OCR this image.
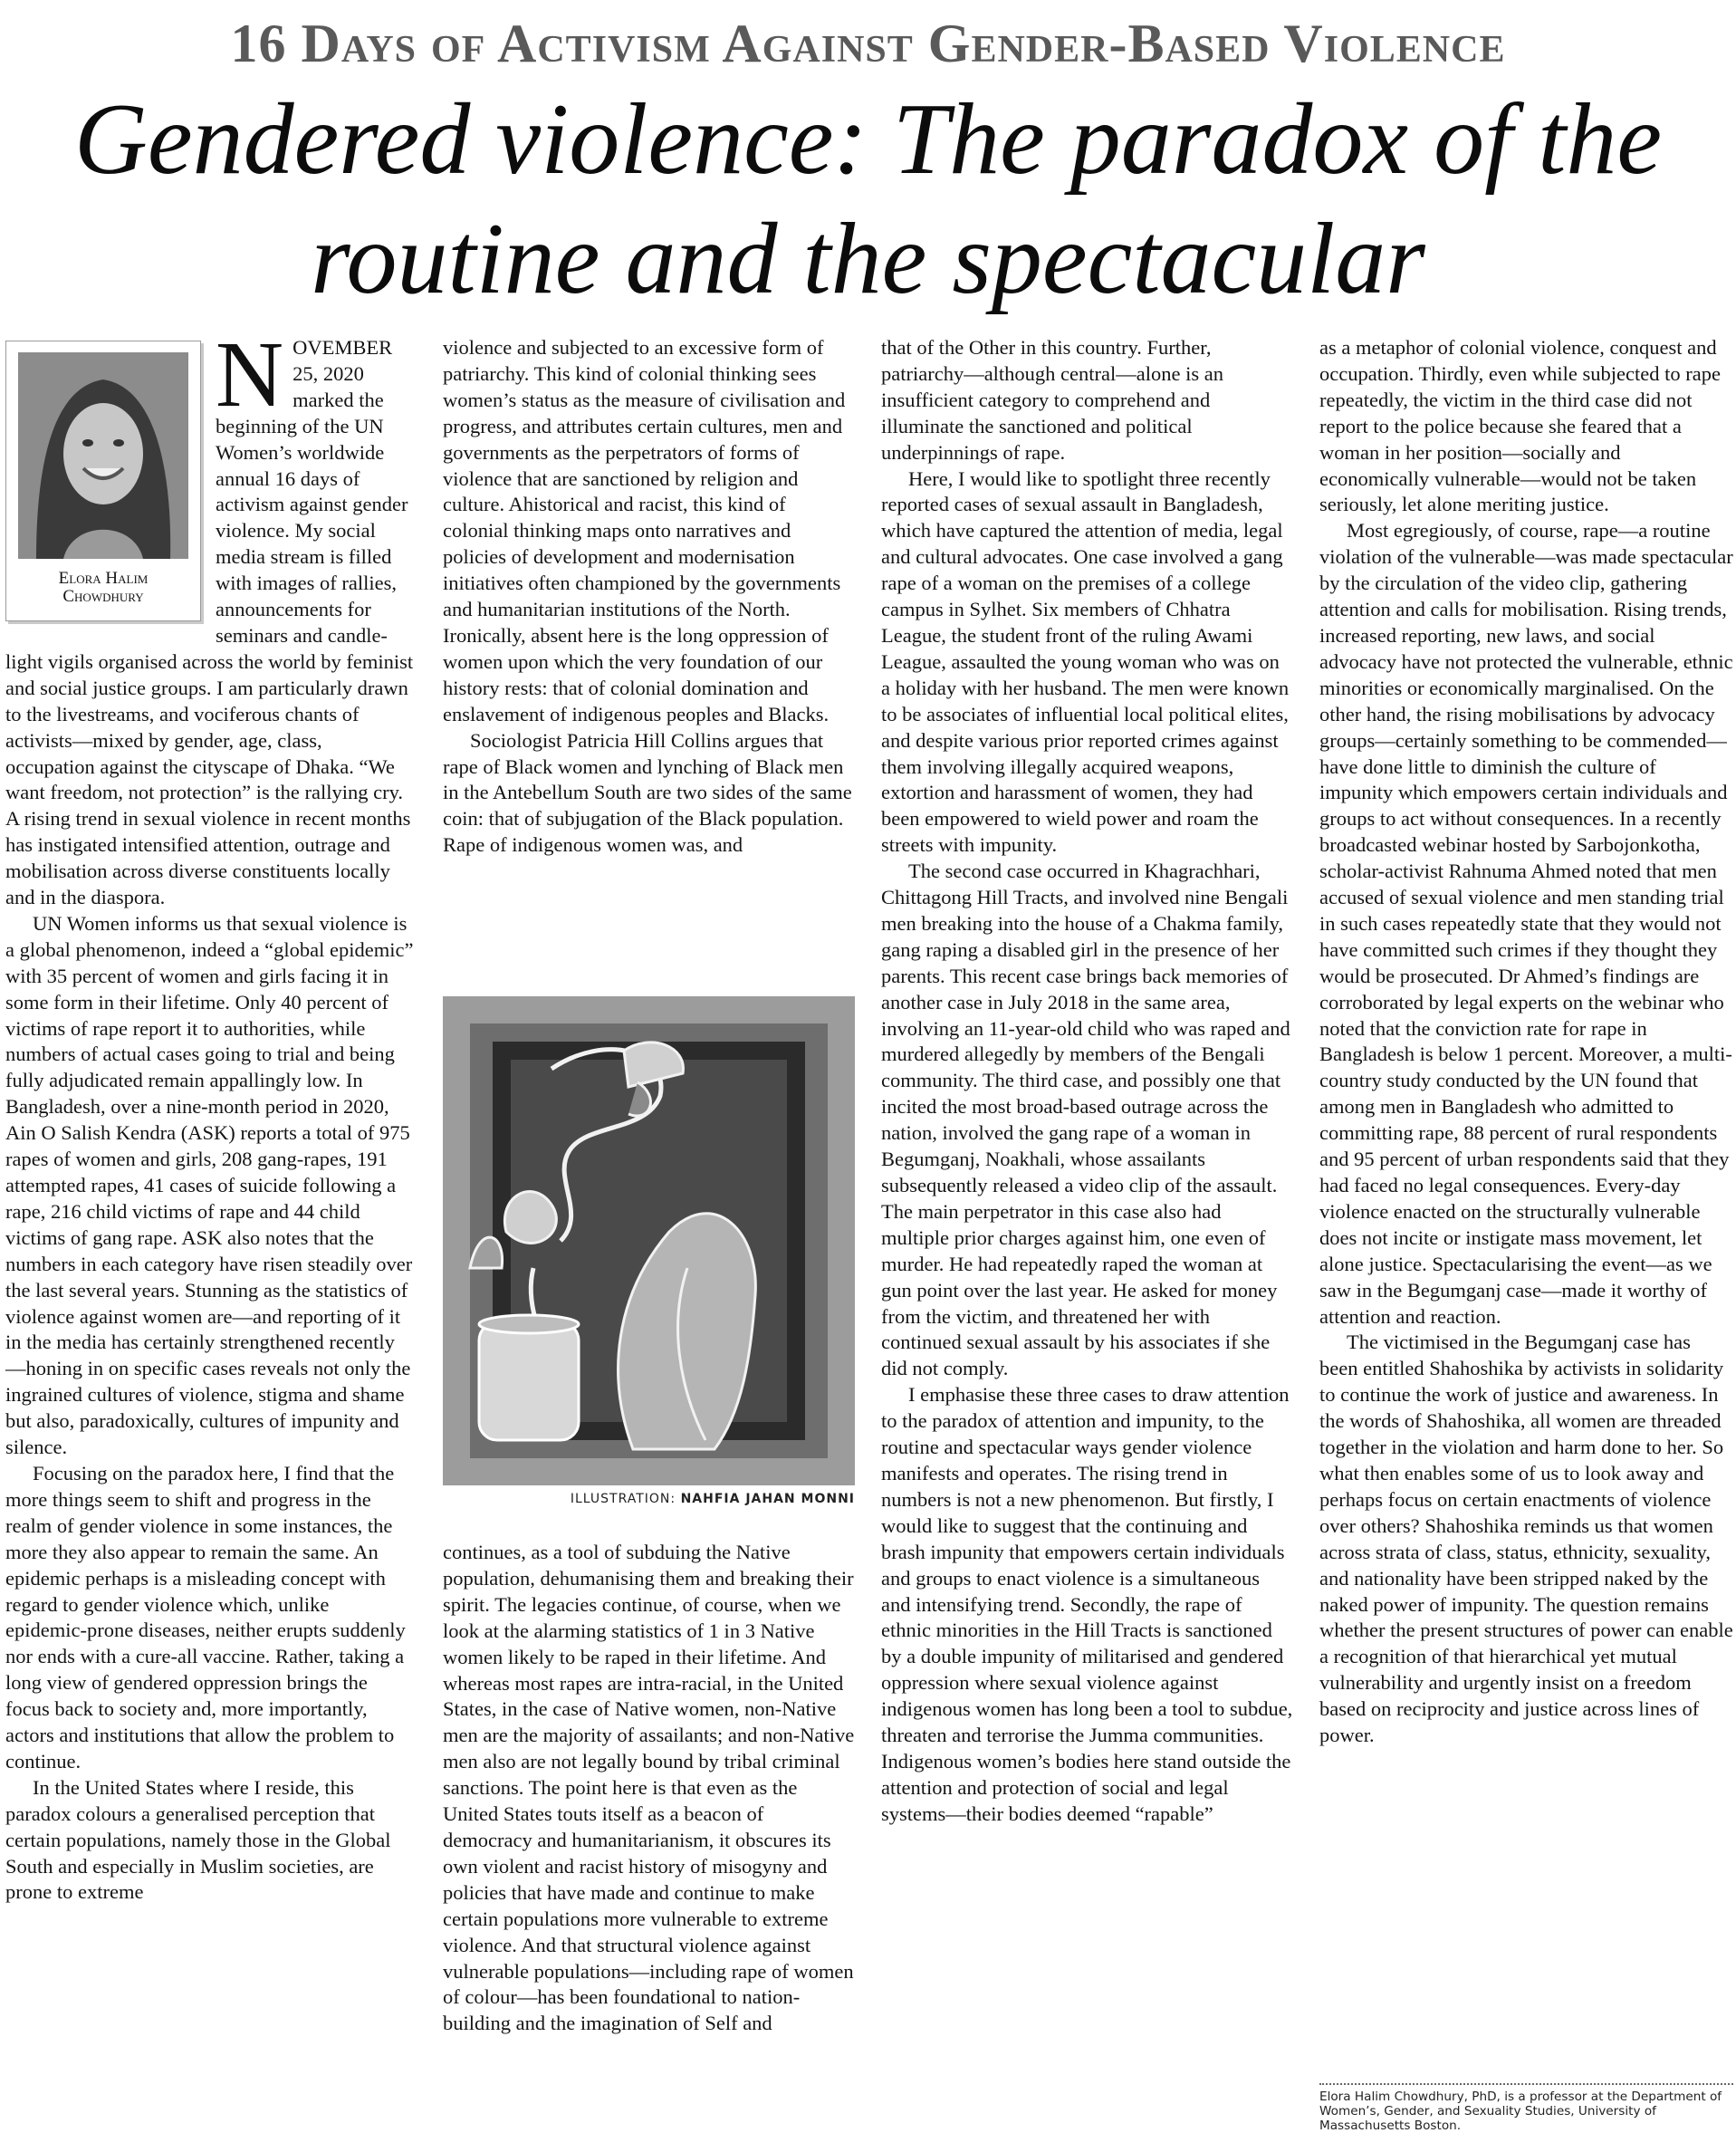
16 Days of Activism Against Gender-Based Violence
Gendered violence: The paradox of the routine and the spectacular
Elora Halim
Chowdhury

NOVEMBER 25, 2020 marked the beginning of the UN Women’s worldwide annual 16 days of activism against gender violence. My social media stream is filled with images of rallies, announcements for seminars and candle-light vigils organised across the world by feminist and social justice groups. I am particularly drawn to the livestreams, and vociferous chants of activists—mixed by gender, age, class, occupation against the cityscape of Dhaka. “We want freedom, not protection” is the rallying cry. A rising trend in sexual violence in recent months has instigated intensified attention, outrage and mobilisation across diverse constituents locally and in the diaspora.

UN Women informs us that sexual violence is a global phenomenon, indeed a “global epidemic” with 35 percent of women and girls facing it in some form in their lifetime. Only 40 percent of victims of rape report it to authorities, while numbers of actual cases going to trial and being fully adjudicated remain appallingly low. In Bangladesh, over a nine-month period in 2020, Ain O Salish Kendra (ASK) reports a total of 975 rapes of women and girls, 208 gang-rapes, 191 attempted rapes, 41 cases of suicide following a rape, 216 child victims of rape and 44 child victims of gang rape. ASK also notes that the numbers in each category have risen steadily over the last several years. Stunning as the statistics of violence against women are—and reporting of it in the media has certainly strengthened recently—honing in on specific cases reveals not only the ingrained cultures of violence, stigma and shame but also, paradoxically, cultures of impunity and silence.

Focusing on the paradox here, I find that the more things seem to shift and progress in the realm of gender violence in some instances, the more they also appear to remain the same. An epidemic perhaps is a misleading concept with regard to gender violence which, unlike epidemic-prone diseases, neither erupts suddenly nor ends with a cure-all vaccine. Rather, taking a long view of gendered oppression brings the focus back to society and, more importantly, actors and institutions that allow the problem to continue.

In the United States where I reside, this paradox colours a generalised perception that certain populations, namely those in the Global South and especially in Muslim societies, are prone to extreme

violence and subjected to an excessive form of patriarchy. This kind of colonial thinking sees women’s status as the measure of civilisation and progress, and attributes certain cultures, men and governments as the perpetrators of forms of violence that are sanctioned by religion and culture. Ahistorical and racist, this kind of colonial thinking maps onto narratives and policies of development and modernisation initiatives often championed by the governments and humanitarian institutions of the North. Ironically, absent here is the long oppression of women upon which the very foundation of our history rests: that of colonial domination and enslavement of indigenous peoples and Blacks.

Sociologist Patricia Hill Collins argues that rape of Black women and lynching of Black men in the Antebellum South are two sides of the same coin: that of subjugation of the Black population. Rape of indigenous women was, and

ILLUSTRATION: NAHFIA JAHAN MONNI

continues, as a tool of subduing the Native population, dehumanising them and breaking their spirit. The legacies continue, of course, when we look at the alarming statistics of 1 in 3 Native women likely to be raped in their lifetime. And whereas most rapes are intra-racial, in the United States, in the case of Native women, non-Native men are the majority of assailants; and non-Native men also are not legally bound by tribal criminal sanctions. The point here is that even as the United States touts itself as a beacon of democracy and humanitarianism, it obscures its own violent and racist history of misogyny and policies that have made and continue to make certain populations more vulnerable to extreme violence. And that structural violence against vulnerable populations—including rape of women of colour—has been foundational to nation-building and the imagination of Self and

that of the Other in this country. Further, patriarchy—although central—alone is an insufficient category to comprehend and illuminate the sanctioned and political underpinnings of rape.

Here, I would like to spotlight three recently reported cases of sexual assault in Bangladesh, which have captured the attention of media, legal and cultural advocates. One case involved a gang rape of a woman on the premises of a college campus in Sylhet. Six members of Chhatra League, the student front of the ruling Awami League, assaulted the young woman who was on a holiday with her husband. The men were known to be associates of influential local political elites, and despite various prior reported crimes against them involving illegally acquired weapons, extortion and harassment of women, they had been empowered to wield power and roam the streets with impunity.

The second case occurred in Khagrachhari, Chittagong Hill Tracts, and involved nine Bengali men breaking into the house of a Chakma family, gang raping a disabled girl in the presence of her parents. This recent case brings back memories of another case in July 2018 in the same area, involving an 11-year-old child who was raped and murdered allegedly by members of the Bengali community. The third case, and possibly one that incited the most broad-based outrage across the nation, involved the gang rape of a woman in Begumganj, Noakhali, whose assailants subsequently released a video clip of the assault. The main perpetrator in this case also had multiple prior charges against him, one even of murder. He had repeatedly raped the woman at gun point over the last year. He asked for money from the victim, and threatened her with continued sexual assault by his associates if she did not comply.

I emphasise these three cases to draw attention to the paradox of attention and impunity, to the routine and spectacular ways gender violence manifests and operates. The rising trend in numbers is not a new phenomenon. But firstly, I would like to suggest that the continuing and brash impunity that empowers certain individuals and groups to enact violence is a simultaneous and intensifying trend. Secondly, the rape of ethnic minorities in the Hill Tracts is sanctioned by a double impunity of militarised and gendered oppression where sexual violence against indigenous women has long been a tool to subdue, threaten and terrorise the Jumma communities. Indigenous women’s bodies here stand outside the attention and protection of social and legal systems—their bodies deemed “rapable”

as a metaphor of colonial violence, conquest and occupation. Thirdly, even while subjected to rape repeatedly, the victim in the third case did not report to the police because she feared that a woman in her position—socially and economically vulnerable—would not be taken seriously, let alone meriting justice.

Most egregiously, of course, rape—a routine violation of the vulnerable—was made spectacular by the circulation of the video clip, gathering attention and calls for mobilisation. Rising trends, increased reporting, new laws, and social advocacy have not protected the vulnerable, ethnic minorities or economically marginalised. On the other hand, the rising mobilisations by advocacy groups—certainly something to be commended—have done little to diminish the culture of impunity which empowers certain individuals and groups to act without consequences. In a recently broadcasted webinar hosted by Sarbojonkotha, scholar-activist Rahnuma Ahmed noted that men accused of sexual violence and men standing trial in such cases repeatedly state that they would not have committed such crimes if they thought they would be prosecuted. Dr Ahmed’s findings are corroborated by legal experts on the webinar who noted that the conviction rate for rape in Bangladesh is below 1 percent. Moreover, a multi-country study conducted by the UN found that among men in Bangladesh who admitted to committing rape, 88 percent of rural respondents and 95 percent of urban respondents said that they had faced no legal consequences. Every-day violence enacted on the structurally vulnerable does not incite or instigate mass movement, let alone justice. Spectacularising the event—as we saw in the Begumganj case—made it worthy of attention and reaction.

The victimised in the Begumganj case has been entitled Shahoshika by activists in solidarity to continue the work of justice and awareness. In the words of Shahoshika, all women are threaded together in the violation and harm done to her. So what then enables some of us to look away and perhaps focus on certain enactments of violence over others? Shahoshika reminds us that women across strata of class, status, ethnicity, sexuality, and nationality have been stripped naked by the naked power of impunity. The question remains whether the present structures of power can enable a recognition of that hierarchical yet mutual vulnerability and urgently insist on a freedom based on reciprocity and justice across lines of power.

Elora Halim Chowdhury, PhD, is a professor at the Department of Women’s, Gender, and Sexuality Studies, University of Massachusetts Boston.
